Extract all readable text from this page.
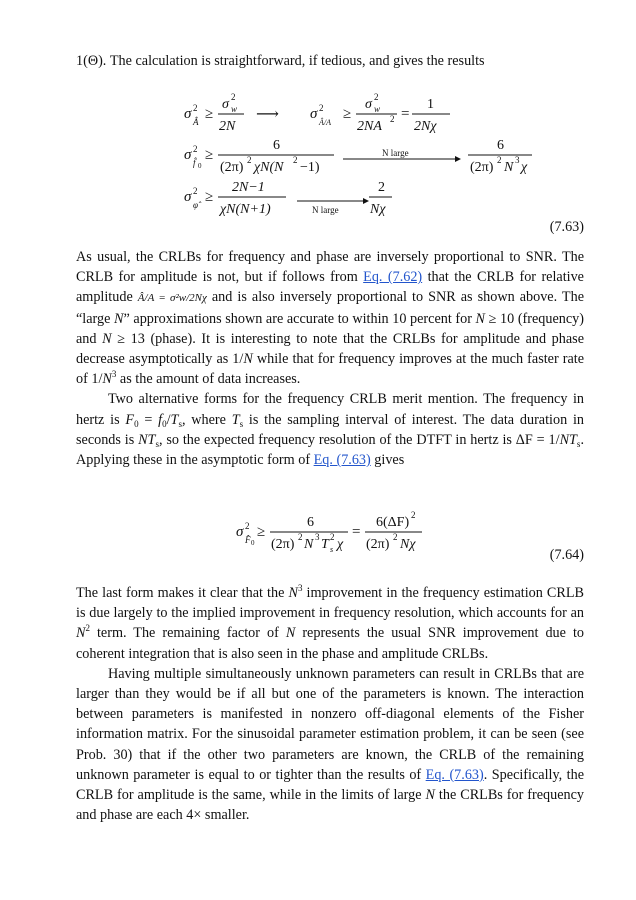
1(Θ). The calculation is straightforward, if tedious, and gives the results

σ 2
Â ≥
σ 2
w
2N
⟶ σ 2
Â/A
≥
σ 2
w
2NA 2 =
1
2Nχ
σ 2
f̂ 0
≥
6
(2π) 2 χN(N 2 −1)
N large	6
(2π) 2 N 3 χ
σ 2
φ̂ ≥
2N−1
χN(N+1)	N large
2
Nχ
(7.63)

As usual, the CRLBs for frequency and phase are inversely proportional to SNR. The CRLB for amplitude is not, but if follows from Eq. (7.62) that the CRLB for relative amplitude Â/A = σ²w/2Nχ and is also inversely proportional to SNR as shown above. The “large N” approximations shown are accurate to within 10 percent for N ≥ 10 (frequency) and N ≥ 13 (phase). It is interesting to note that the CRLBs for amplitude and phase decrease asymptotically as 1/N while that for frequency improves at the much faster rate of $1/N^3$ as the amount of data increases.

Two alternative forms for the frequency CRLB merit mention. The frequency in hertz is $F_0 = f_0/T_s$, where $T_s$ is the sampling interval of interest. The data duration in seconds is $NT_s$, so the expected frequency resolution of the DTFT in hertz is $\Delta F = 1/NT_s$. Applying these in the asymptotic form of Eq. (7.63) gives

σ 2
F̂ 0
≥
6
(2π) 2 N 3 T 2
s χ
=
6(ΔF) 2
(2π) 2 Nχ
(7.64)

The last form makes it clear that the $N^3$ improvement in the frequency estimation CRLB is due largely to the implied improvement in frequency resolution, which accounts for an $N^2$ term. The remaining factor of N represents the usual SNR improvement due to coherent integration that is also seen in the phase and amplitude CRLBs.

Having multiple simultaneously unknown parameters can result in CRLBs that are larger than they would be if all but one of the parameters is known. The interaction between parameters is manifested in nonzero off-diagonal elements of the Fisher information matrix. For the sinusoidal parameter estimation problem, it can be seen (see Prob. 30) that if the other two parameters are known, the CRLB of the remaining unknown parameter is equal to or tighter than the results of Eq. (7.63). Specifically, the CRLB for amplitude is the same, while in the limits of large N the CRLBs for frequency and phase are each 4× smaller.
